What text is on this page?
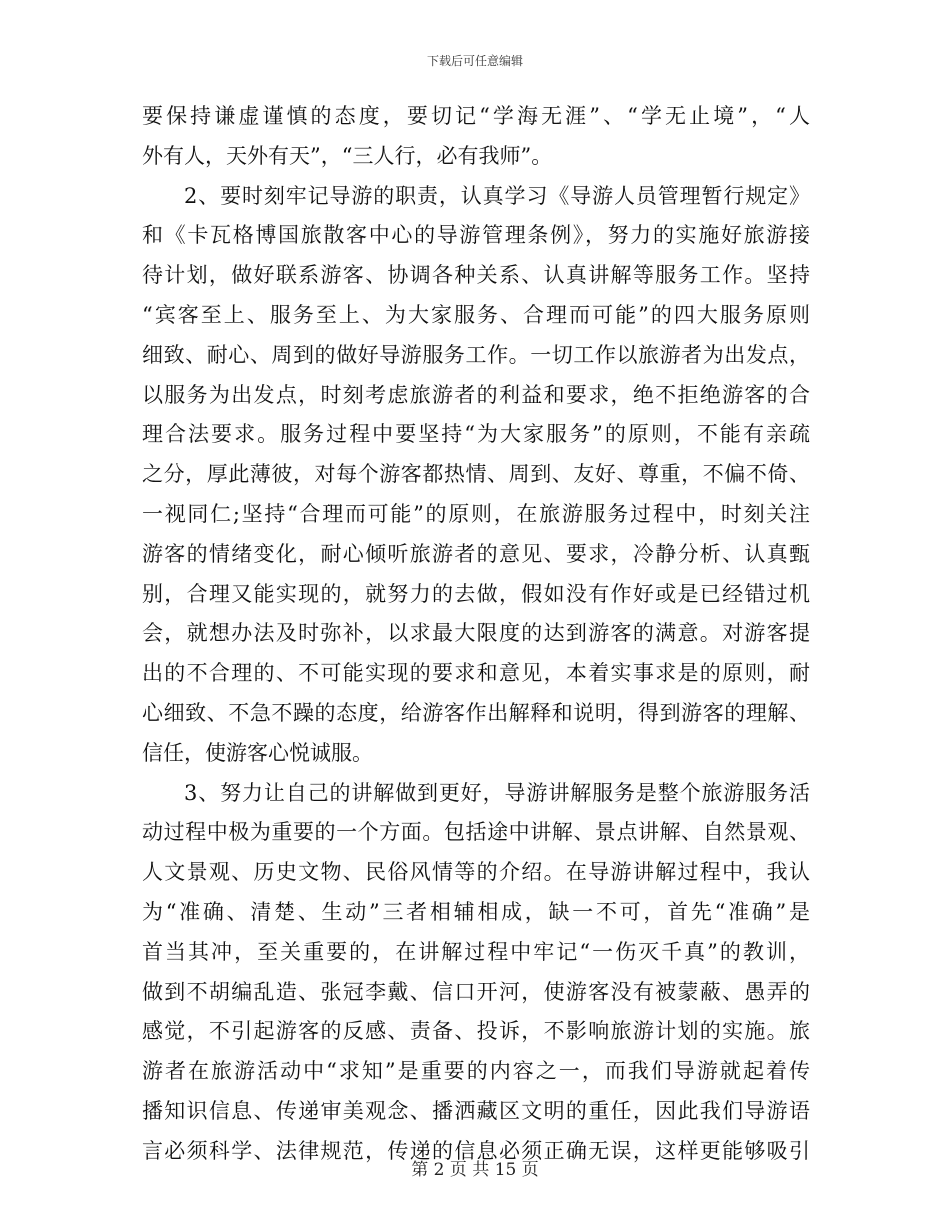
下载后可任意编辑
要保持谦虚谨慎的态度，要切记“学海无涯”、“学无止境”，“人
外有人，天外有天”，“三人行，必有我师”。
2、要时刻牢记导游的职责，认真学习《导游人员管理暂行规定》
和《卡瓦格博国旅散客中心的导游管理条例》，努力的实施好旅游接
待计划，做好联系游客、协调各种关系、认真讲解等服务工作。坚持
“宾客至上、服务至上、为大家服务、合理而可能”的四大服务原则
细致、耐心、周到的做好导游服务工作。一切工作以旅游者为出发点，
以服务为出发点，时刻考虑旅游者的利益和要求，绝不拒绝游客的合
理合法要求。服务过程中要坚持“为大家服务”的原则，不能有亲疏
之分，厚此薄彼，对每个游客都热情、周到、友好、尊重，不偏不倚、
一视同仁;坚持“合理而可能”的原则，在旅游服务过程中，时刻关注
游客的情绪变化，耐心倾听旅游者的意见、要求，冷静分析、认真甄
别，合理又能实现的，就努力的去做，假如没有作好或是已经错过机
会，就想办法及时弥补，以求最大限度的达到游客的满意。对游客提
出的不合理的、不可能实现的要求和意见，本着实事求是的原则，耐
心细致、不急不躁的态度，给游客作出解释和说明，得到游客的理解、
信任，使游客心悦诚服。
3、努力让自己的讲解做到更好，导游讲解服务是整个旅游服务活
动过程中极为重要的一个方面。包括途中讲解、景点讲解、自然景观、
人文景观、历史文物、民俗风情等的介绍。在导游讲解过程中，我认
为“准确、清楚、生动”三者相辅相成，缺一不可，首先“准确”是
首当其冲，至关重要的，在讲解过程中牢记“一伤灭千真”的教训，
做到不胡编乱造、张冠李戴、信口开河，使游客没有被蒙蔽、愚弄的
感觉，不引起游客的反感、责备、投诉，不影响旅游计划的实施。旅
游者在旅游活动中“求知”是重要的内容之一，而我们导游就起着传
播知识信息、传递审美观念、播洒藏区文明的重任，因此我们导游语
言必须科学、法律规范，传递的信息必须正确无误，这样更能够吸引
第 2 页 共 15 页
